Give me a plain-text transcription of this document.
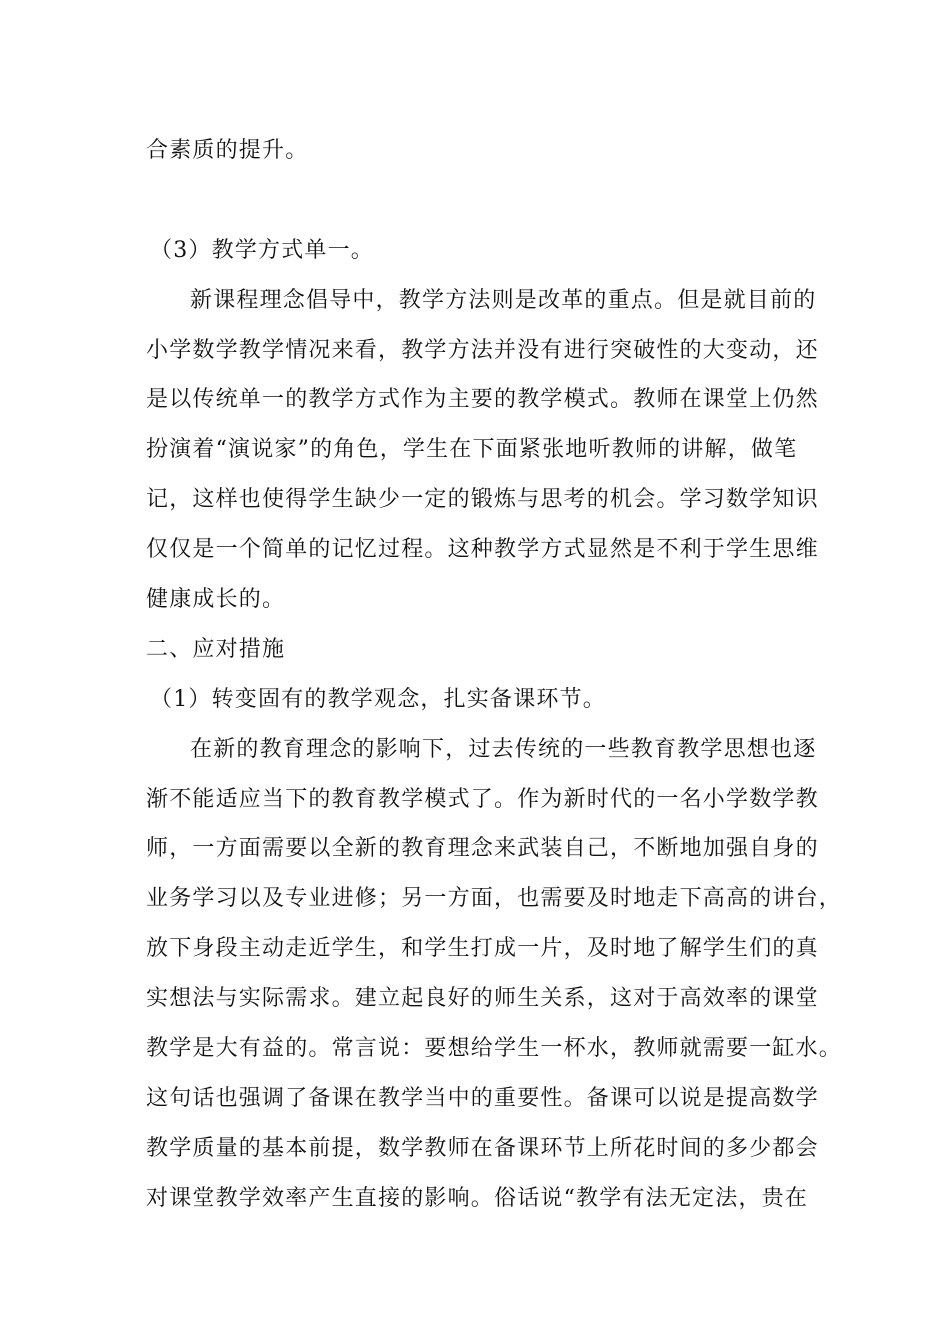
合素质的提升。
（3）教学方式单一。
新课程理念倡导中，教学方法则是改革的重点。但是就目前的
小学数学教学情况来看，教学方法并没有进行突破性的大变动，还
是以传统单一的教学方式作为主要的教学模式。教师在课堂上仍然
扮演着“演说家”的角色，学生在下面紧张地听教师的讲解，做笔
记，这样也使得学生缺少一定的锻炼与思考的机会。学习数学知识
仅仅是一个简单的记忆过程。这种教学方式显然是不利于学生思维
健康成长的。
二、应对措施
（1）转变固有的教学观念，扎实备课环节。
在新的教育理念的影响下，过去传统的一些教育教学思想也逐
渐不能适应当下的教育教学模式了。作为新时代的一名小学数学教
师，一方面需要以全新的教育理念来武装自己，不断地加强自身的
业务学习以及专业进修；另一方面，也需要及时地走下高高的讲台，
放下身段主动走近学生，和学生打成一片，及时地了解学生们的真
实想法与实际需求。建立起良好的师生关系，这对于高效率的课堂
教学是大有益的。常言说：要想给学生一杯水，教师就需要一缸水。
这句话也强调了备课在教学当中的重要性。备课可以说是提高数学
教学质量的基本前提，数学教师在备课环节上所花时间的多少都会
对课堂教学效率产生直接的影响。俗话说“教学有法无定法，贵在
